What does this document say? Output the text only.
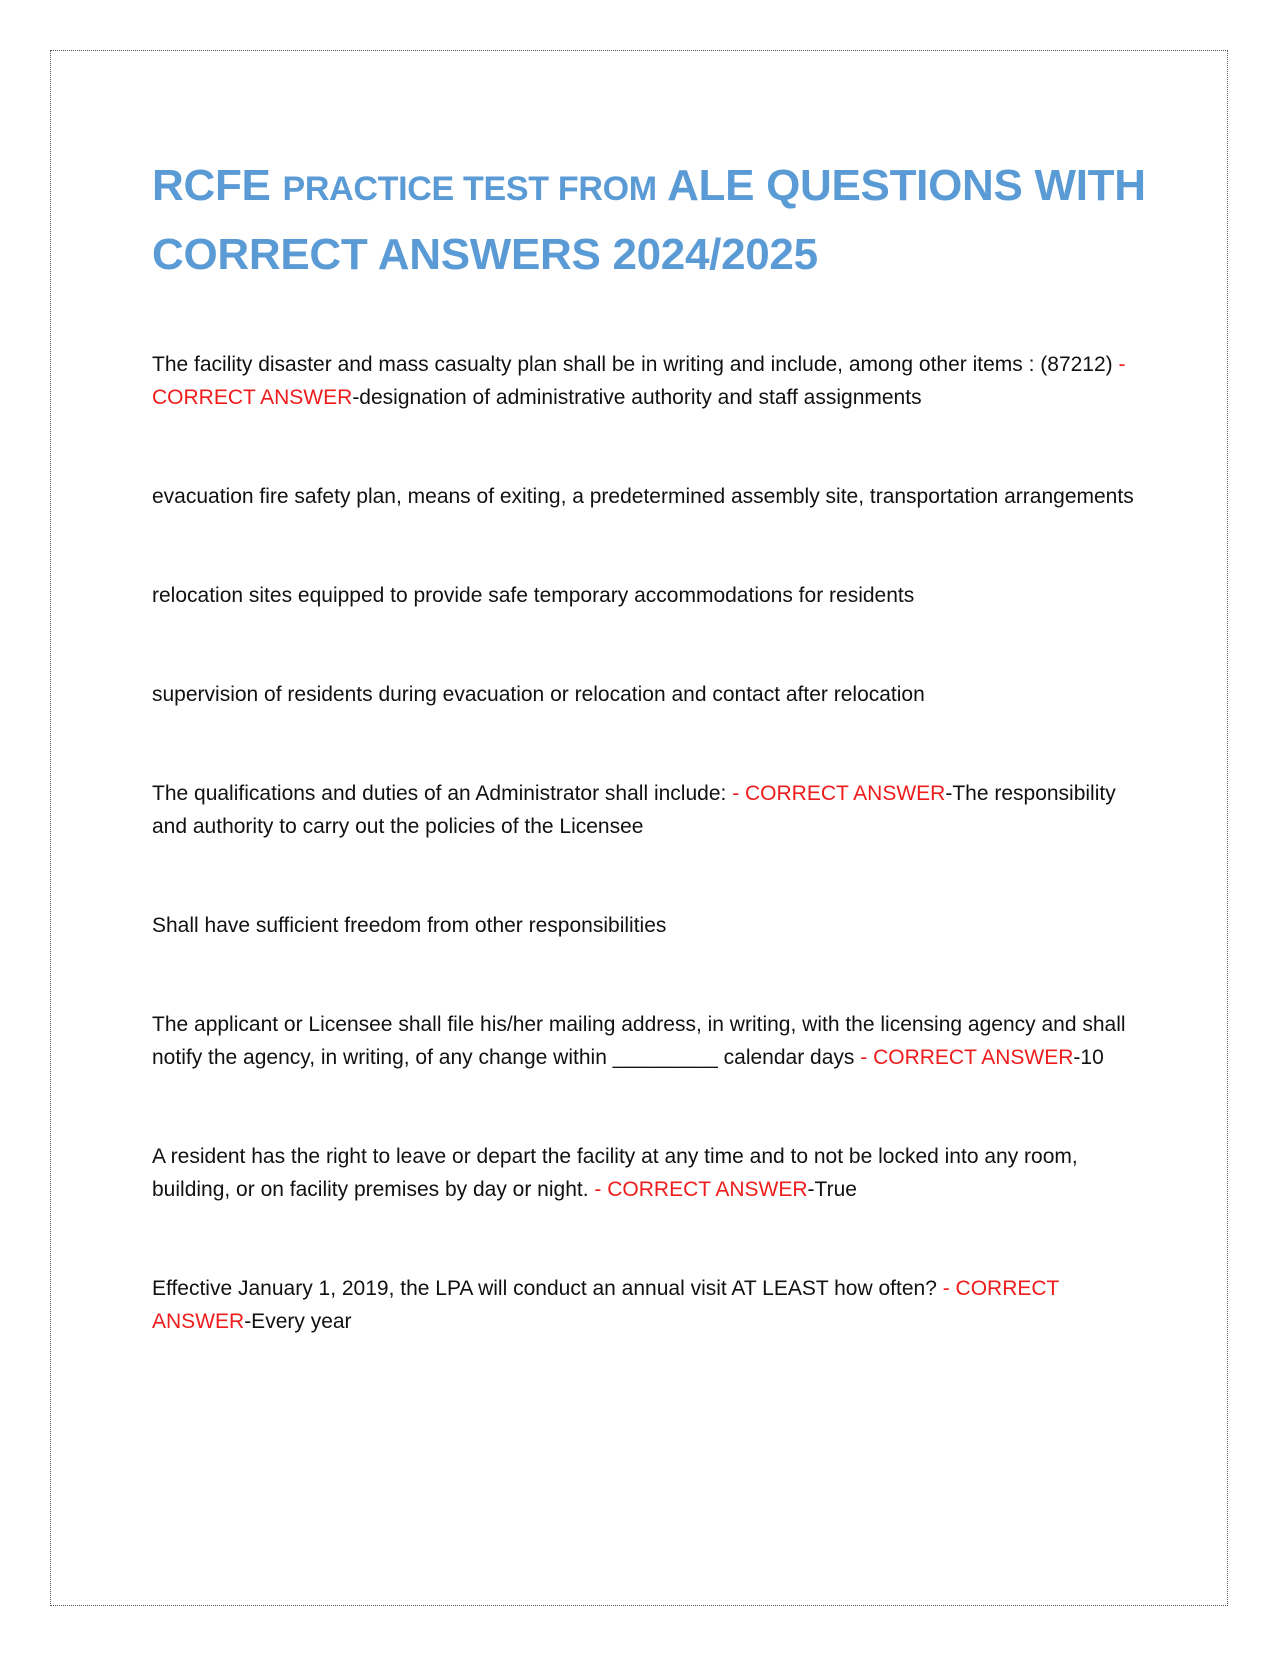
RCFE PRACTICE TEST FROM ALE QUESTIONS WITH CORRECT ANSWERS 2024/2025

The facility disaster and mass casualty plan shall be in writing and include, among other items : (87212) - CORRECT ANSWER-designation of administrative authority and staff assignments

evacuation fire safety plan, means of exiting, a predetermined assembly site, transportation arrangements

relocation sites equipped to provide safe temporary accommodations for residents

supervision of residents during evacuation or relocation and contact after relocation

The qualifications and duties of an Administrator shall include: - CORRECT ANSWER-The responsibility and authority to carry out the policies of the Licensee

Shall have sufficient freedom from other responsibilities

The applicant or Licensee shall file his/her mailing address, in writing, with the licensing agency and shall notify the agency, in writing, of any change within _________ calendar days - CORRECT ANSWER-10

A resident has the right to leave or depart the facility at any time and to not be locked into any room, building, or on facility premises by day or night. - CORRECT ANSWER-True

Effective January 1, 2019, the LPA will conduct an annual visit AT LEAST how often? - CORRECT ANSWER-Every year
